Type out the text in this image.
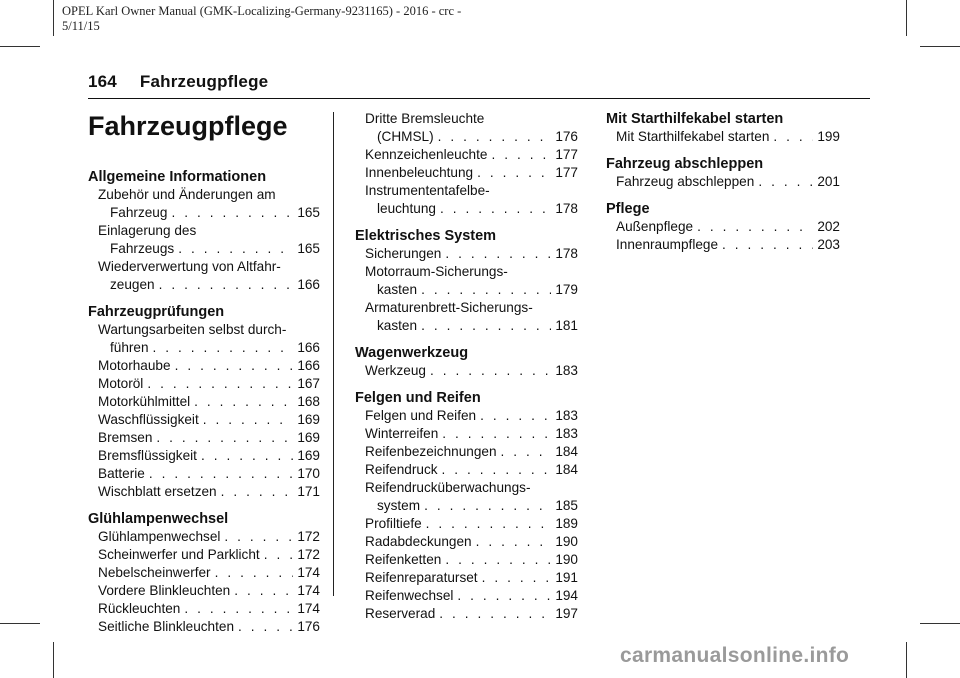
OPEL Karl Owner Manual (GMK-Localizing-Germany-9231165) - 2016 - crc -
5/11/15
164 Fahrzeugpflege
Fahrzeugpflege
Allgemeine Informationen
Zubehör und Änderungen am
Fahrzeug . . .	165
Einlagerung des
Fahrzeugs . . .	165
Wiederverwertung von Altfahr-
zeugen . . .	166
Fahrzeugprüfungen
Wartungsarbeiten selbst durch-
führen . . .	166
Motorhaube . . .	166
Motoröl . . .	167
Motorkühlmittel . . .	168
Waschflüssigkeit . . .	169
Bremsen . . .	169
Bremsflüssigkeit . . .	169
Batterie . . .	170
Wischblatt ersetzen . . .	171
Glühlampenwechsel
Glühlampenwechsel . . .	172
Scheinwerfer und Parklicht . . .	172
Nebelscheinwerfer . . .	174
Vordere Blinkleuchten . . .	174
Rückleuchten . . .	174
Seitliche Blinkleuchten . . .	176
Dritte Bremsleuchte
(CHMSL) . . .	176
Kennzeichenleuchte . . .	177
Innenbeleuchtung . . .	177
Instrumententafelbe-
leuchtung . . .	178
Elektrisches System
Sicherungen . . .	178
Motorraum-Sicherungs-
kasten . . .	179
Armaturenbrett-Sicherungs-
kasten . . .	181
Wagenwerkzeug
Werkzeug . . .	183
Felgen und Reifen
Felgen und Reifen . . .	183
Winterreifen . . .	183
Reifenbezeichnungen . . .	184
Reifendruck . . .	184
Reifendrucküberwachungs-
system . . .	185
Profiltiefe . . .	189
Radabdeckungen . . .	190
Reifenketten . . .	190
Reifenreparaturset . . .	191
Reifenwechsel . . .	194
Reserverad . . .	197
Mit Starthilfekabel starten
Mit Starthilfekabel starten . . .	199
Fahrzeug abschleppen
Fahrzeug abschleppen . . .	201
Pflege
Außenpflege . . .	202
Innenraumpflege . . .	203
carmanualsonline.info
